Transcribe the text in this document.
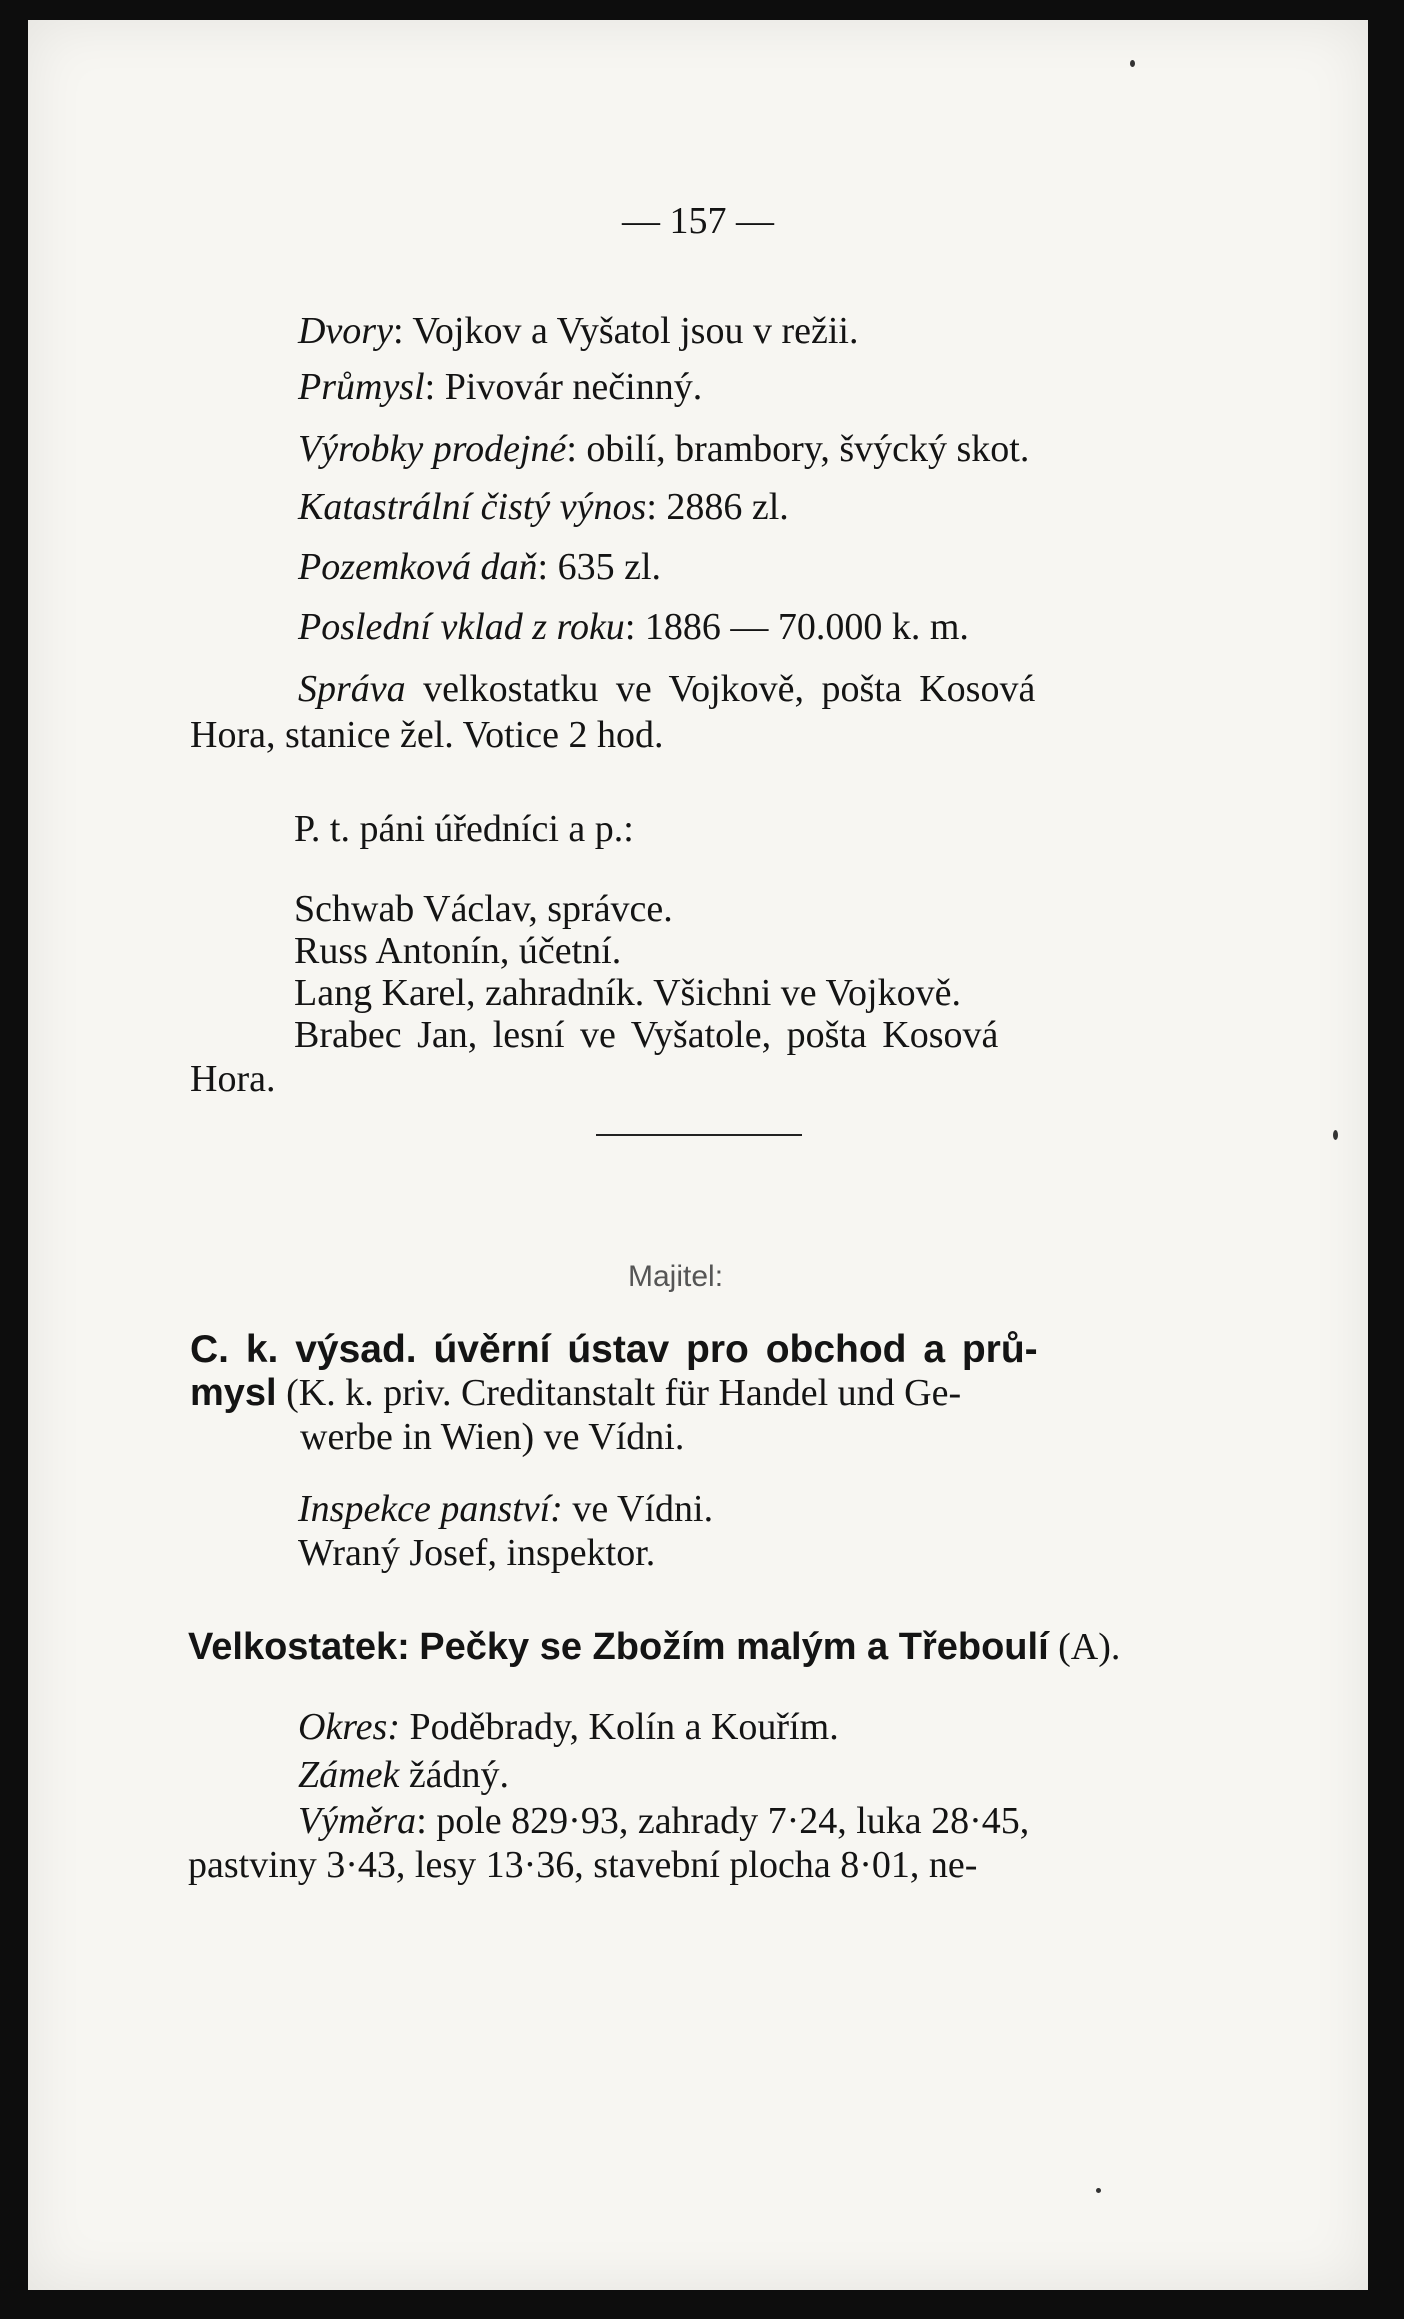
— 157 —
Dvory: Vojkov a Vyšatol jsou v režii.
Průmysl: Pivovár nečinný.
Výrobky prodejné: obilí, brambory, švýcký skot.
Katastrální čistý výnos: 2886 zl.
Pozemková daň: 635 zl.
Poslední vklad z roku: 1886 — 70.000 k. m.
Správa velkostatku ve Vojkově, pošta Kosová
Hora, stanice žel. Votice 2 hod.
P. t. páni úředníci a p.:
Schwab Václav, správce.
Russ Antonín, účetní.
Lang Karel, zahradník. Všichni ve Vojkově.
Brabec Jan, lesní ve Vyšatole, pošta Kosová
Hora.
Majitel:
C. k. výsad. úvěrní ústav pro obchod a prů-
mysl (K. k. priv. Creditanstalt für Handel und Ge-
werbe in Wien) ve Vídni.
Inspekce panství: ve Vídni.
Wraný Josef, inspektor.
Velkostatek: Pečky se Zbožím malým a Třeboulí (A).
Okres: Poděbrady, Kolín a Kouřím.
Zámek žádný.
Výměra: pole 829·93, zahrady 7·24, luka 28·45,
pastviny 3·43, lesy 13·36, stavební plocha 8·01, ne-
